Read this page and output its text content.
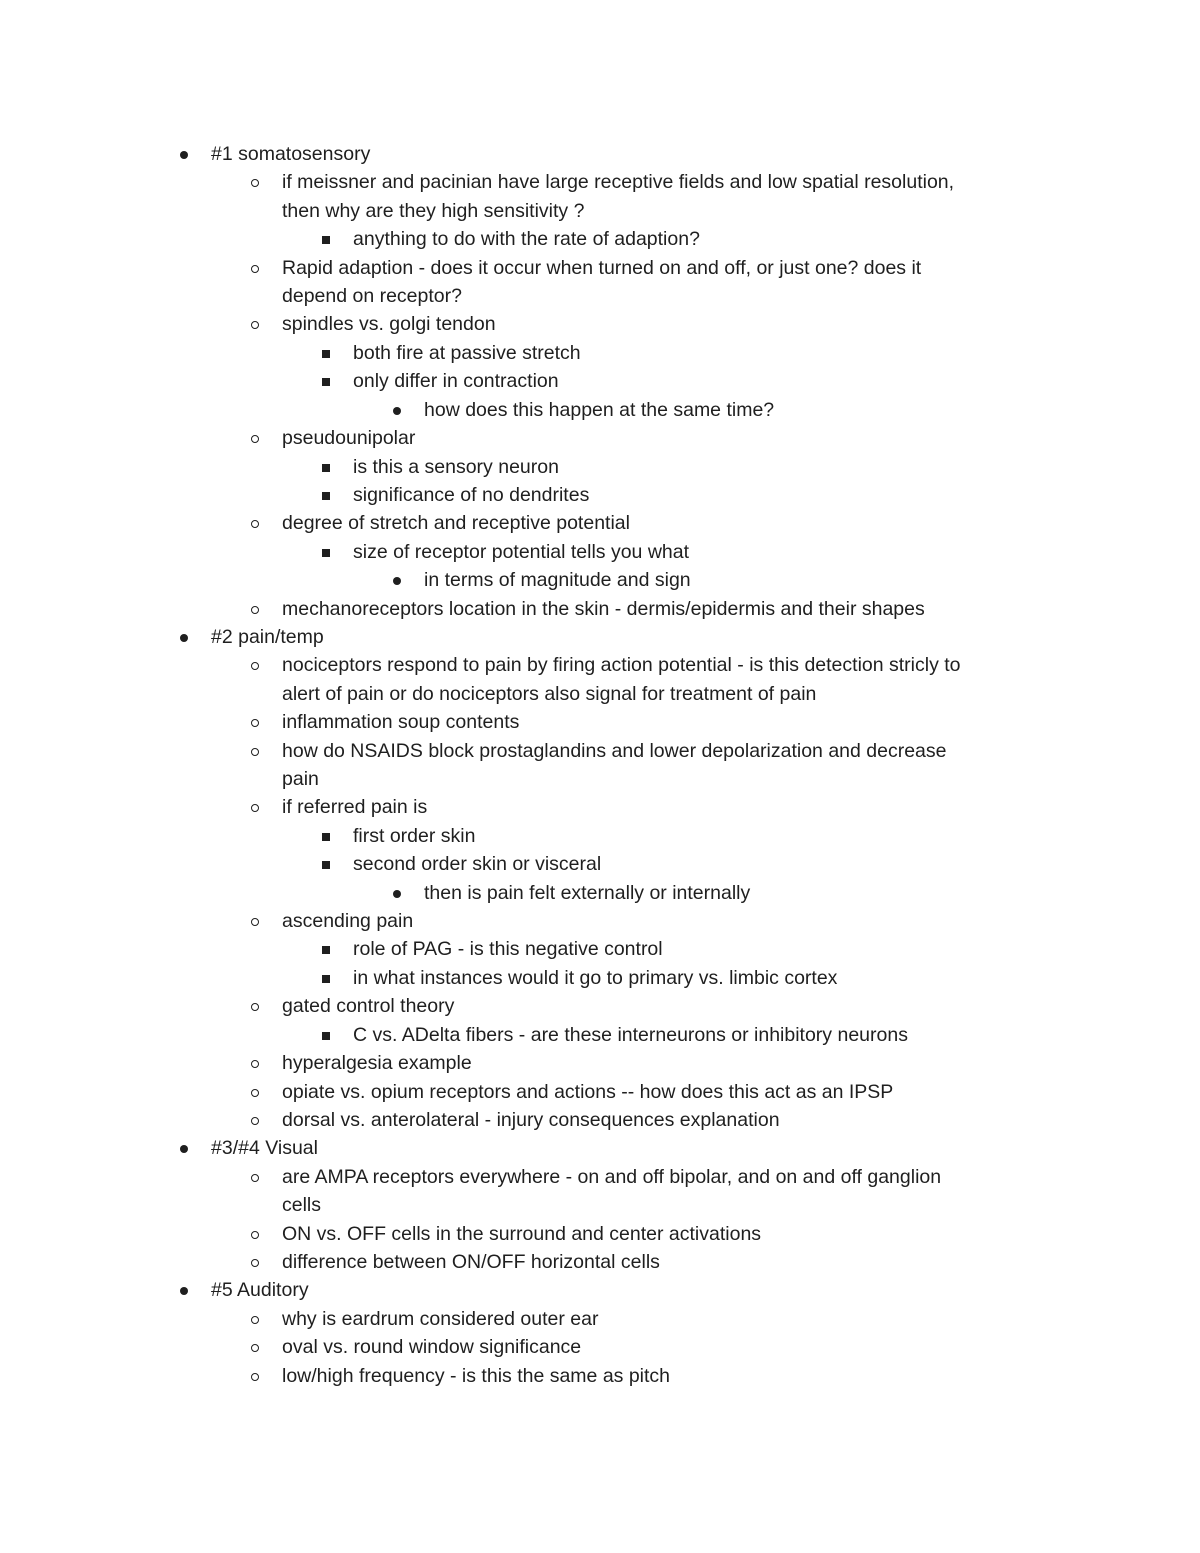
#1 somatosensory
if meissner and pacinian have large receptive fields and low spatial resolution,
then why are they high sensitivity ?
anything to do with the rate of adaption?
Rapid adaption - does it occur when turned on and off, or just one? does it
depend on receptor?
spindles vs. golgi tendon
both fire at passive stretch
only differ in contraction
how does this happen at the same time?
pseudounipolar
is this a sensory neuron
significance of no dendrites
degree of stretch and receptive potential
size of receptor potential tells you what
in terms of magnitude and sign
mechanoreceptors location in the skin - dermis/epidermis and their shapes
#2 pain/temp
nociceptors respond to pain by firing action potential - is this detection stricly to
alert of pain or do nociceptors also signal for treatment of pain
inflammation soup contents
how do NSAIDS block prostaglandins and lower depolarization and decrease
pain
if referred pain is
first order skin
second order skin or visceral
then is pain felt externally or internally
ascending pain
role of PAG - is this negative control
in what instances would it go to primary vs. limbic cortex
gated control theory
C vs. ADelta fibers - are these interneurons or inhibitory neurons
hyperalgesia example
opiate vs. opium receptors and actions -- how does this act as an IPSP
dorsal vs. anterolateral - injury consequences explanation
#3/#4 Visual
are AMPA receptors everywhere - on and off bipolar, and on and off ganglion
cells
ON vs. OFF cells in the surround and center activations
difference between ON/OFF horizontal cells
#5 Auditory
why is eardrum considered outer ear
oval vs. round window significance
low/high frequency - is this the same as pitch
